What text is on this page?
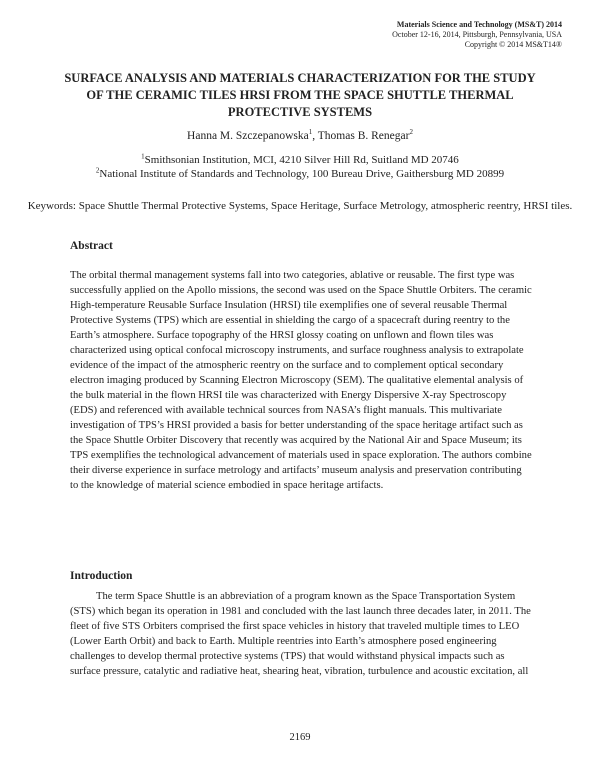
Materials Science and Technology (MS&T) 2014
October 12-16, 2014, Pittsburgh, Pennsylvania, USA
Copyright © 2014 MS&T14®
SURFACE ANALYSIS AND MATERIALS CHARACTERIZATION FOR THE STUDY OF THE CERAMIC TILES HRSI FROM THE SPACE SHUTTLE THERMAL PROTECTIVE SYSTEMS
Hanna M. Szczepanowska$^1$, Thomas B. Renegar$^2$
$^1$Smithsonian Institution, MCI, 4210 Silver Hill Rd, Suitland MD 20746
$^2$National Institute of Standards and Technology, 100 Bureau Drive, Gaithersburg MD 20899
Keywords: Space Shuttle Thermal Protective Systems, Space Heritage, Surface Metrology, atmospheric reentry, HRSI tiles.
Abstract

The orbital thermal management systems fall into two categories, ablative or reusable. The first type was successfully applied on the Apollo missions, the second was used on the Space Shuttle Orbiters. The ceramic High-temperature Reusable Surface Insulation (HRSI) tile exemplifies one of several reusable Thermal Protective Systems (TPS) which are essential in shielding the cargo of a spacecraft during reentry to the Earth’s atmosphere. Surface topography of the HRSI glossy coating on unflown and flown tiles was characterized using optical confocal microscopy instruments, and surface roughness analysis to extrapolate evidence of the impact of the atmospheric reentry on the surface and to complement optical secondary electron imaging produced by Scanning Electron Microscopy (SEM). The qualitative elemental analysis of the bulk material in the flown HRSI tile was characterized with Energy Dispersive X-ray Spectroscopy (EDS) and referenced with available technical sources from NASA’s flight manuals. This multivariate investigation of TPS’s HRSI provided a basis for better understanding of the space heritage artifact such as the Space Shuttle Orbiter Discovery that recently was acquired by the National Air and Space Museum; its TPS exemplifies the technological advancement of materials used in space exploration. The authors combine their diverse experience in surface metrology and artifacts’ museum analysis and preservation contributing to the knowledge of material science embodied in space heritage artifacts.

Introduction

The term Space Shuttle is an abbreviation of a program known as the Space Transportation System (STS) which began its operation in 1981 and concluded with the last launch three decades later, in 2011. The fleet of five STS Orbiters comprised the first space vehicles in history that traveled multiple times to LEO (Lower Earth Orbit) and back to Earth. Multiple reentries into Earth’s atmosphere posed engineering challenges to develop thermal protective systems (TPS) that would withstand physical impacts such as surface pressure, catalytic and radiative heat, shearing heat, vibration, turbulence and acoustic excitation, all

2169
